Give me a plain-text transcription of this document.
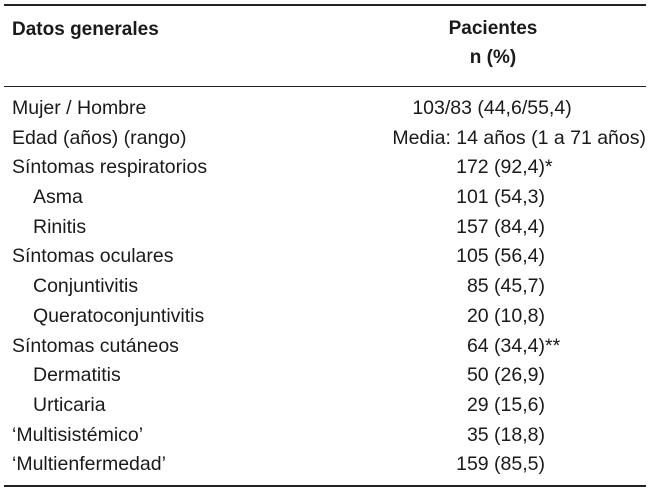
Datos generales	Pacientes
n (%)
Mujer / Hombre	103/83 (44,6/55,4)
Edad (años) (rango)	Media: 14 años (1 a 71 años)
Síntomas respiratorios	172 (92,4) *
Asma	101 (54,3)
Rinitis	157 (84,4)
Síntomas oculares	105 (56,4)
Conjuntivitis	85 (45,7)
Queratoconjuntivitis	20 (10,8)
Síntomas cutáneos	64 (34,4) **
Dermatitis	50 (26,9)
Urticaria	29 (15,6)
‘Multisistémico’	35 (18,8)
‘Multienfermedad’	159 (85,5)
